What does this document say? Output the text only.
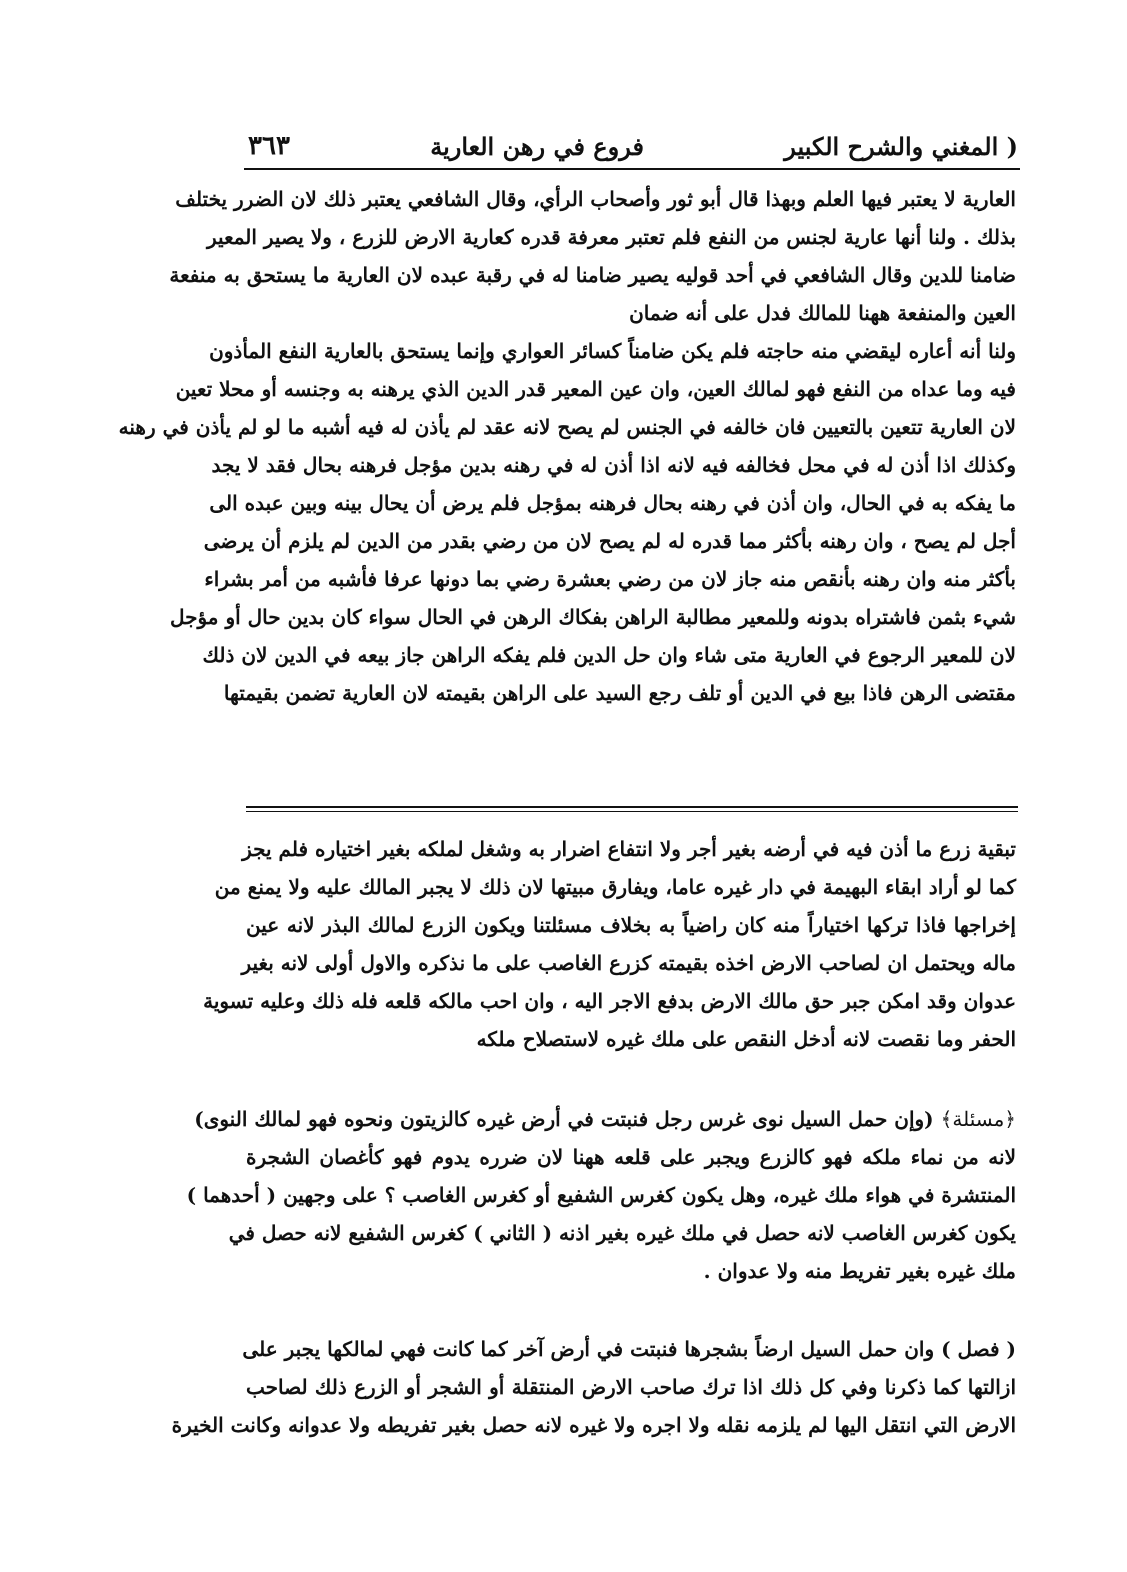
( المغني والشرح الكبير
فروع في رهن العارية
٣٦٣
العارية لا يعتبر فيها العلم وبهذا قال أبو ثور وأصحاب الرأي، وقال الشافعي يعتبر ذلك لان الضرر يختلف
بذلك . ولنا أنها عارية لجنس من النفع فلم تعتبر معرفة قدره كعارية الارض للزرع ، ولا يصير المعير
ضامنا للدين وقال الشافعي في أحد قوليه يصير ضامنا له في رقبة عبده لان العارية ما يستحق به منفعة
العين والمنفعة ههنا للمالك فدل على أنه ضمان
ولنا أنه أعاره ليقضي منه حاجته فلم يكن ضامناً كسائر العواري وإنما يستحق بالعارية النفع المأذون
فيه وما عداه من النفع فهو لمالك العين، وان عين المعير قدر الدين الذي يرهنه به وجنسه أو محلا تعين
لان العارية تتعين بالتعيين فان خالفه في الجنس لم يصح لانه عقد لم يأذن له فيه أشبه ما لو لم يأذن في رهنه
وكذلك اذا أذن له في محل فخالفه فيه لانه اذا أذن له في رهنه بدين مؤجل فرهنه بحال فقد لا يجد
ما يفكه به في الحال، وان أذن في رهنه بحال فرهنه بمؤجل فلم يرض أن يحال بينه وبين عبده الى
أجل لم يصح ، وان رهنه بأكثر مما قدره له لم يصح لان من رضي بقدر من الدين لم يلزم أن يرضى
بأكثر منه وان رهنه بأنقص منه جاز لان من رضي بعشرة رضي بما دونها عرفا فأشبه من أمر بشراء
شيء بثمن فاشتراه بدونه وللمعير مطالبة الراهن بفكاك الرهن في الحال سواء كان بدين حال أو مؤجل
لان للمعير الرجوع في العارية متى شاء وان حل الدين فلم يفكه الراهن جاز بيعه في الدين لان ذلك
مقتضى الرهن فاذا بيع في الدين أو تلف رجع السيد على الراهن بقيمته لان العارية تضمن بقيمتها
تبقية زرع ما أذن فيه في أرضه بغير أجر ولا انتفاع اضرار به وشغل لملكه بغير اختياره فلم يجز
كما لو أراد ابقاء البهيمة في دار غيره عاما، ويفارق مبيتها لان ذلك لا يجبر المالك عليه ولا يمنع من
إخراجها فاذا تركها اختياراً منه كان راضياً به بخلاف مسئلتنا ويكون الزرع لمالك البذر لانه عين
ماله ويحتمل ان لصاحب الارض اخذه بقيمته كزرع الغاصب على ما نذكره والاول أولى لانه بغير
عدوان وقد امكن جبر حق مالك الارض بدفع الاجر اليه ، وان احب مالكه قلعه فله ذلك وعليه تسوية
الحفر وما نقصت لانه أدخل النقص على ملك غيره لاستصلاح ملكه
﴿مسئلة﴾ (وإن حمل السيل نوى غرس رجل فنبتت في أرض غيره كالزيتون ونحوه فهو لمالك النوى)
لانه من نماء ملكه فهو كالزرع ويجبر على قلعه ههنا لان ضرره يدوم فهو كأغصان الشجرة
المنتشرة في هواء ملك غيره، وهل يكون كغرس الشفيع أو كغرس الغاصب ؟ على وجهين ( أحدهما )
يكون كغرس الغاصب لانه حصل في ملك غيره بغير اذنه ( الثاني ) كغرس الشفيع لانه حصل في
ملك غيره بغير تفريط منه ولا عدوان .
( فصل ) وان حمل السيل ارضاً بشجرها فنبتت في أرض آخر كما كانت فهي لمالكها يجبر على
ازالتها كما ذكرنا وفي كل ذلك اذا ترك صاحب الارض المنتقلة أو الشجر أو الزرع ذلك لصاحب
الارض التي انتقل اليها لم يلزمه نقله ولا اجره ولا غيره لانه حصل بغير تفريطه ولا عدوانه وكانت الخيرة
